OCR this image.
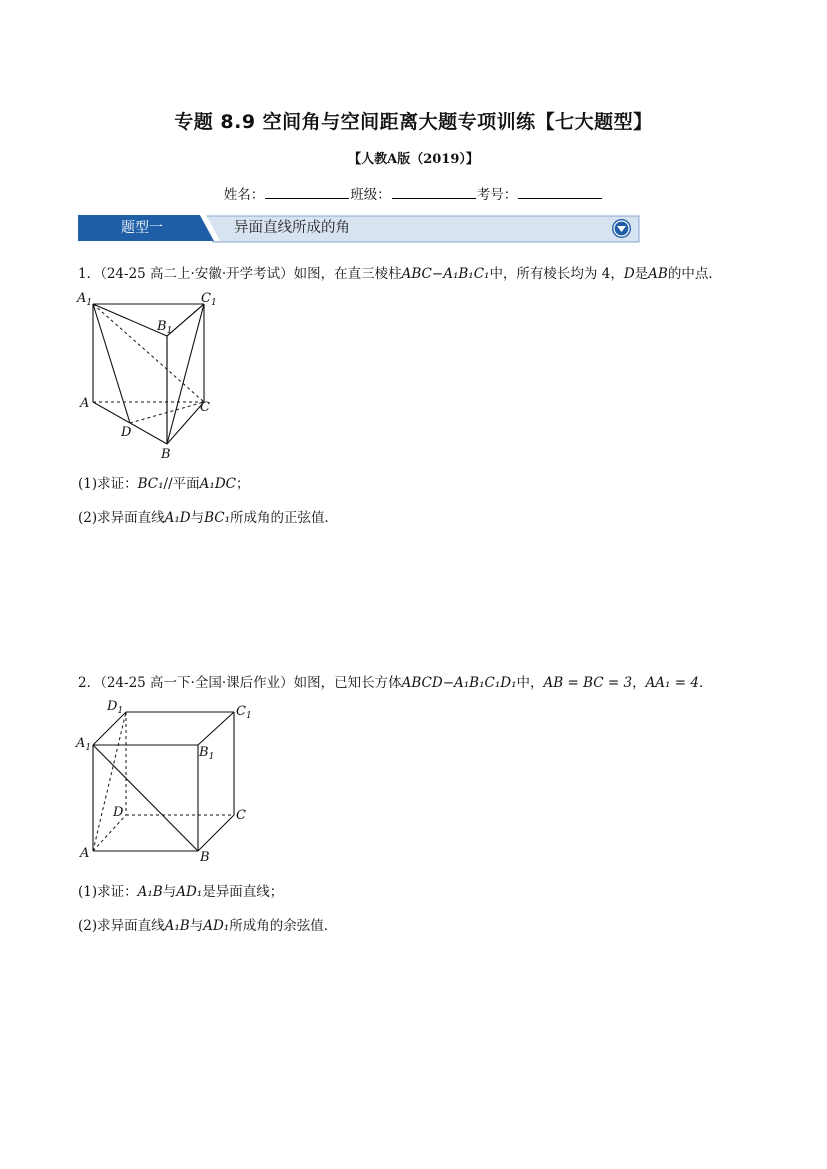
专题 8.9 空间角与空间距离大题专项训练【七大题型】
【人教A版（2019）】
姓名：	班级：	考号：
题型一	异面直线所成的角
1．（24-25 高二上·安徽·开学考试）如图，在直三棱柱ABC−A₁B₁C₁中，所有棱长均为 4，D是AB的中点．
$A_1$	$C_1$
$B_1$
A	C
D
B
(1)求证：BC₁//平面A₁DC；
(2)求异面直线A₁D与BC₁所成角的正弦值．
2．（24-25 高一下·全国·课后作业）如图，已知长方体ABCD−A₁B₁C₁D₁中，AB = BC = 3，AA₁ = 4．
$D_1$	$C_1$
$A_1$	$B_1$
D	C
A	B
(1)求证：A₁B与AD₁是异面直线；
(2)求异面直线A₁B与AD₁所成角的余弦值．
